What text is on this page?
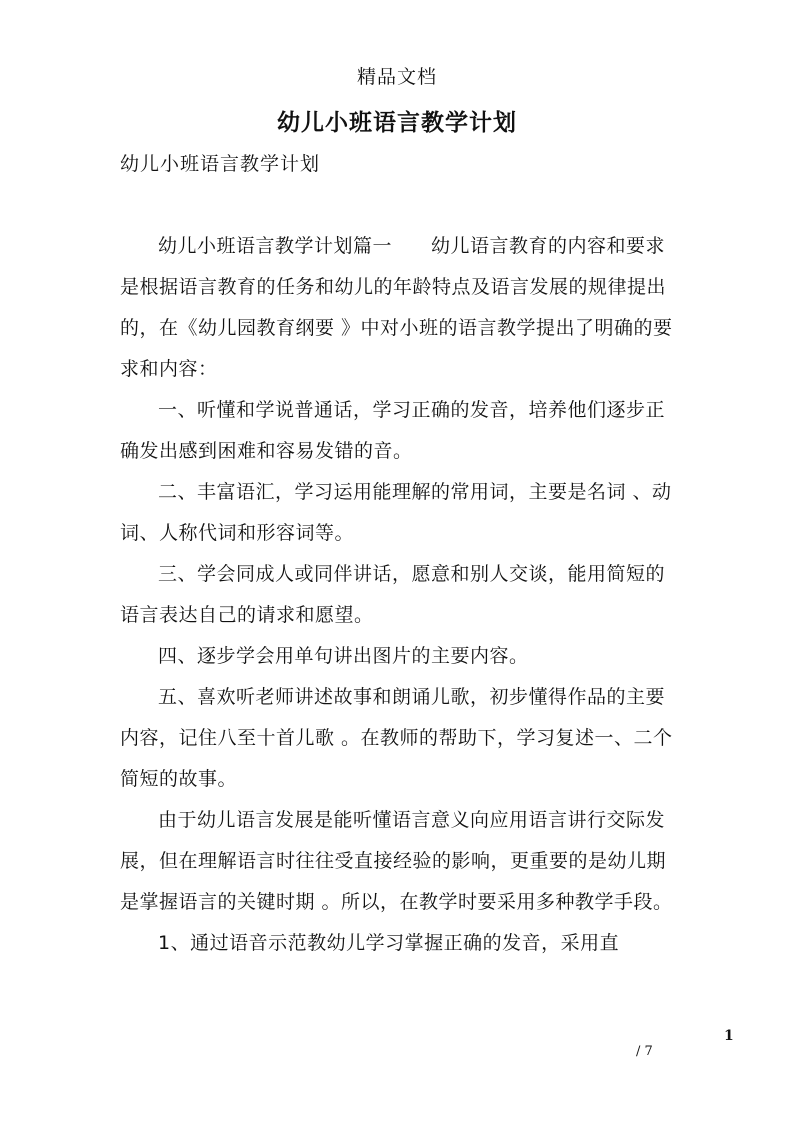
精品文档
幼儿小班语言教学计划
幼儿小班语言教学计划

幼儿小班语言教学计划篇一　　幼儿语言教育的内容和要求是根据语言教育的任务和幼儿的年龄特点及语言发展的规律提出的，在《幼儿园教育纲要 》中对小班的语言教学提出了明确的要求和内容：

一、听懂和学说普通话，学习正确的发音，培养他们逐步正确发出感到困难和容易发错的音。

二、丰富语汇，学习运用能理解的常用词，主要是名词 、动词、人称代词和形容词等。

三、学会同成人或同伴讲话，愿意和别人交谈，能用简短的语言表达自己的请求和愿望。

四、逐步学会用单句讲出图片的主要内容。

五、喜欢听老师讲述故事和朗诵儿歌，初步懂得作品的主要内容，记住八至十首儿歌 。在教师的帮助下，学习复述一、二个简短的故事。

由于幼儿语言发展是能听懂语言意义向应用语言讲行交际发展，但在理解语言时往往受直接经验的影响，更重要的是幼儿期是掌握语言的关键时期 。所以，在教学时要采用多种教学手段。

1、通过语音示范教幼儿学习掌握正确的发音，采用直

1
/ 7
